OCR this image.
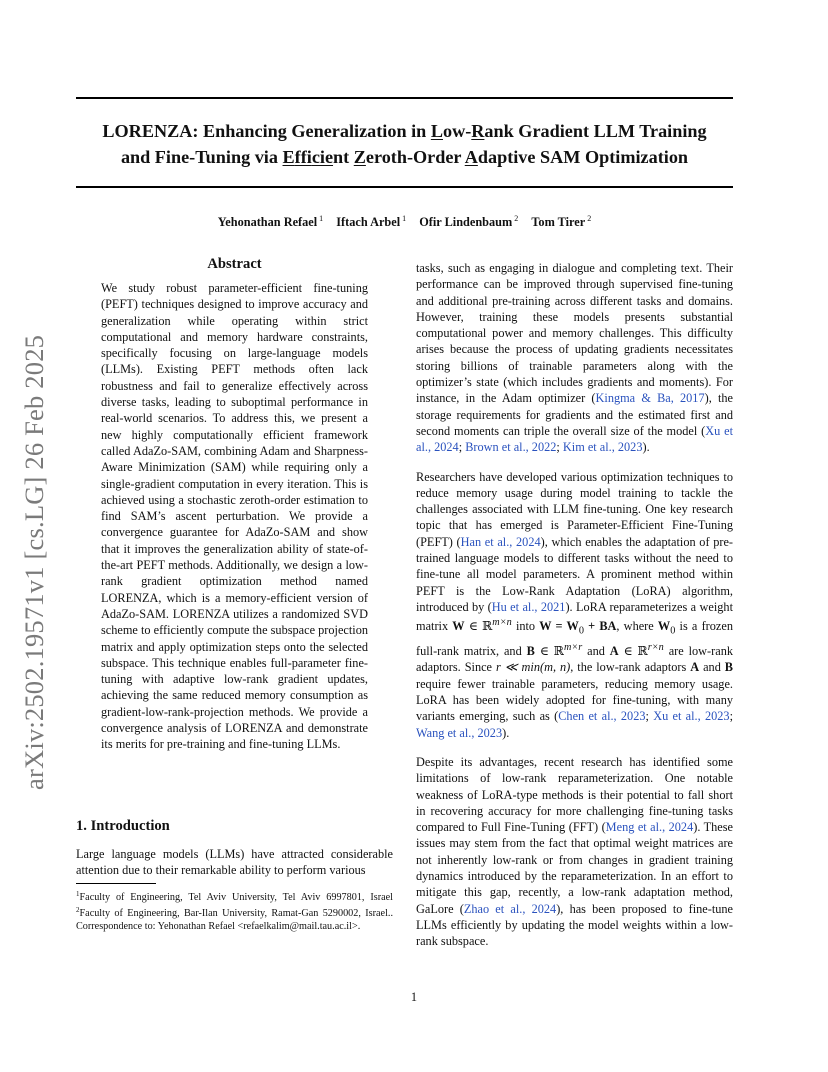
arXiv:2502.19571v1 [cs.LG] 26 Feb 2025
LORENZA: Enhancing Generalization in Low-Rank Gradient LLM Training
and Fine-Tuning via Efficient Zeroth-Order Adaptive SAM Optimization
Yehonathan Refael $^1$ Iftach Arbel $^1$ Ofir Lindenbaum $^2$ Tom Tirer $^2$
Abstract

We study robust parameter-efficient fine-tuning (PEFT) techniques designed to improve accuracy and generalization while operating within strict computational and memory hardware constraints, specifically focusing on large-language models (LLMs). Existing PEFT methods often lack robustness and fail to generalize effectively across diverse tasks, leading to suboptimal performance in real-world scenarios. To address this, we present a new highly computationally efficient framework called AdaZo-SAM, combining Adam and Sharpness-Aware Minimization (SAM) while requiring only a single-gradient computation in every iteration. This is achieved using a stochastic zeroth-order estimation to find SAM’s ascent perturbation. We provide a convergence guarantee for AdaZo-SAM and show that it improves the generalization ability of state-of-the-art PEFT methods. Additionally, we design a low-rank gradient optimization method named LORENZA, which is a memory-efficient version of AdaZo-SAM. LORENZA utilizes a randomized SVD scheme to efficiently compute the subspace projection matrix and apply optimization steps onto the selected subspace. This technique enables full-parameter fine-tuning with adaptive low-rank gradient updates, achieving the same reduced memory consumption as gradient-low-rank-projection methods. We provide a convergence analysis of LORENZA and demonstrate its merits for pre-training and fine-tuning LLMs.

1. Introduction

Large language models (LLMs) have attracted considerable attention due to their remarkable ability to perform various

$^1$Faculty of Engineering, Tel Aviv University, Tel Aviv 6997801, Israel $^2$Faculty of Engineering, Bar-Ilan University, Ramat-Gan 5290002, Israel.. Correspondence to: Yehonathan Refael <refaelkalim@mail.tau.ac.il>.

tasks, such as engaging in dialogue and completing text. Their performance can be improved through supervised fine-tuning and additional pre-training across different tasks and domains. However, training these models presents substantial computational power and memory challenges. This difficulty arises because the process of updating gradients necessitates storing billions of trainable parameters along with the optimizer’s state (which includes gradients and moments). For instance, in the Adam optimizer (Kingma & Ba, 2017), the storage requirements for gradients and the estimated first and second moments can triple the overall size of the model (Xu et al., 2024; Brown et al., 2022; Kim et al., 2023).

Researchers have developed various optimization techniques to reduce memory usage during model training to tackle the challenges associated with LLM fine-tuning. One key research topic that has emerged is Parameter-Efficient Fine-Tuning (PEFT) (Han et al., 2024), which enables the adaptation of pre-trained language models to different tasks without the need to fine-tune all model parameters. A prominent method within PEFT is the Low-Rank Adaptation (LoRA) algorithm, introduced by (Hu et al., 2021). LoRA reparameterizes a weight matrix W ∈ ℝ$^{m\times n}$ into $W = W_0$ + BA, where $W_0$ is a frozen full-rank matrix, and B ∈ ℝ$^{m\times r}$ and A ∈ ℝ$^{r\times n}$ are low-rank adaptors. Since r ≪ min(m, n), the low-rank adaptors A and B require fewer trainable parameters, reducing memory usage. LoRA has been widely adopted for fine-tuning, with many variants emerging, such as (Chen et al., 2023; Xu et al., 2023; Wang et al., 2023).

Despite its advantages, recent research has identified some limitations of low-rank reparameterization. One notable weakness of LoRA-type methods is their potential to fall short in recovering accuracy for more challenging fine-tuning tasks compared to Full Fine-Tuning (FFT) (Meng et al., 2024). These issues may stem from the fact that optimal weight matrices are not inherently low-rank or from changes in gradient training dynamics introduced by the reparameterization. In an effort to mitigate this gap, recently, a low-rank adaptation method, GaLore (Zhao et al., 2024), has been proposed to fine-tune LLMs efficiently by updating the model weights within a low-rank subspace.

1
